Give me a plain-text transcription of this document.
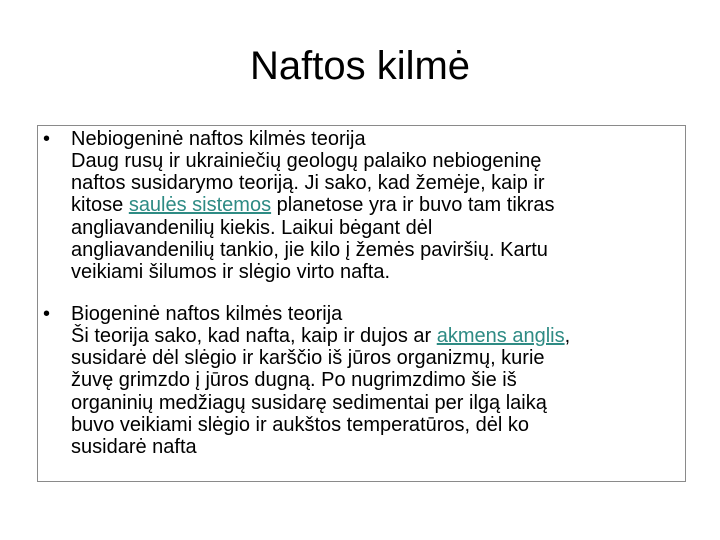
Naftos kilmė
• Nebiogeninė naftos kilmės teorija
Daug rusų ir ukrainiečių geologų palaiko nebiogeninę
naftos susidarymo teoriją. Ji sako, kad žemėje, kaip ir
kitose saulės sistemos planetose yra ir buvo tam tikras
angliavandenilių kiekis. Laikui bėgant dėl
angliavandenilių tankio, jie kilo į žemės paviršių. Kartu
veikiami šilumos ir slėgio virto nafta.
• Biogeninė naftos kilmės teorija
Ši teorija sako, kad nafta, kaip ir dujos ar akmens anglis,
susidarė dėl slėgio ir karščio iš jūros organizmų, kurie
žuvę grimzdo į jūros dugną. Po nugrimzdimo šie iš
organinių medžiagų susidarę sedimentai per ilgą laiką
buvo veikiami slėgio ir aukštos temperatūros, dėl ko
susidarė nafta
